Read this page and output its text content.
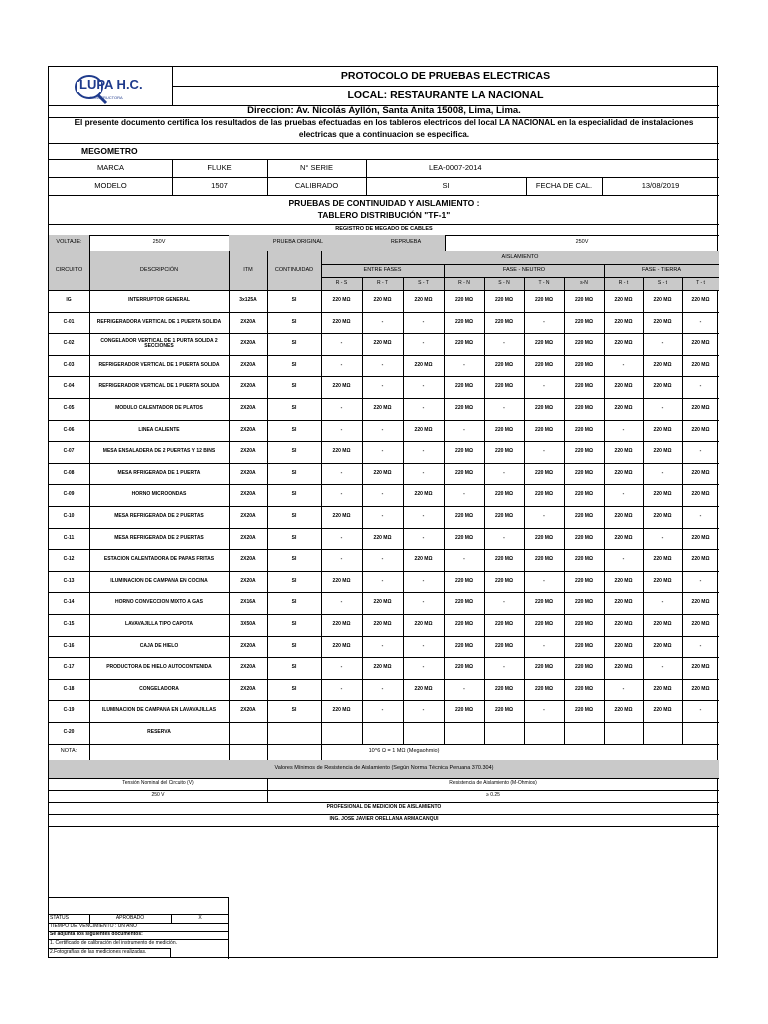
LUPA H.C.
CONSTRUCTORA
PROTOCOLO DE PRUEBAS ELECTRICAS
LOCAL: RESTAURANTE LA NACIONAL
Direccion: Av. Nicolás Ayllón, Santa Anita 15008, Lima, Lima.
El presente documento certifica los resultados de las pruebas efectuadas en los tableros electricos del local LA NACIONAL en la especialidad de instalaciones
electricas que a continuacion se especifica.
MEGOMETRO
MARCA	FLUKE	N° SERIE	LEA-0007-2014
MODELO	1507	CALIBRADO	SI	FECHA DE CAL.	13/08/2019
PRUEBAS DE CONTINUIDAD Y AISLAMIENTO :
TABLERO DISTRIBUCIÓN "TF-1"
REGISTRO DE MEGADO DE CABLES
VOLTAJE:	250V	PRUEBA ORIGINAL	REPRUEBA	250V
CIRCUITO	DESCRIPCIÓN	ITM	CONTINUIDAD
AISLAMIENTO
ENTRE FASES	FASE - NEUTRO	FASE - TIERRA
R - S	R - T	S - T	R - N	S - N	T - N	s-N	R - t	S - t	T - t
IG	INTERRUPTOR GENERAL	3x125A	SI	220 MΩ	220 MΩ	220 MΩ	220 MΩ	220 MΩ	220 MΩ	220 MΩ	220 MΩ	220 MΩ	220 MΩ
C-01	REFRIGERADORA VERTICAL DE 1 PUERTA SOLIDA	2X20A	SI	220 MΩ	-	-	220 MΩ	220 MΩ	-	220 MΩ	220 MΩ	220 MΩ	-
C-02	CONGELADOR VERTICAL DE 1 PURTA SOLIDA 2 SECCIONES	2X20A	SI	-	220 MΩ	-	220 MΩ	-	220 MΩ	220 MΩ	220 MΩ	-	220 MΩ
C-03	REFRIGERADOR VERTICAL DE 1 PUERTA SOLIDA	2X20A	SI	-	-	220 MΩ	-	220 MΩ	220 MΩ	220 MΩ	-	220 MΩ	220 MΩ
C-04	REFRIGERADOR VERTICAL DE 1 PUERTA SOLIDA	2X20A	SI	220 MΩ	-	-	220 MΩ	220 MΩ	-	220 MΩ	220 MΩ	220 MΩ	-
C-05	MODULO CALENTADOR DE PLATOS	2X20A	SI	-	220 MΩ	-	220 MΩ	-	220 MΩ	220 MΩ	220 MΩ	-	220 MΩ
C-06	LINEA CALIENTE	2X20A	SI	-	-	220 MΩ	-	220 MΩ	220 MΩ	220 MΩ	-	220 MΩ	220 MΩ
C-07	MESA ENSALADERA DE 2 PUERTAS Y 12 BINS	2X20A	SI	220 MΩ	-	-	220 MΩ	220 MΩ	-	220 MΩ	220 MΩ	220 MΩ	-
C-08	MESA RFRIGERADA DE 1 PUERTA	2X20A	SI	-	220 MΩ	-	220 MΩ	-	220 MΩ	220 MΩ	220 MΩ	-	220 MΩ
C-09	HORNO MICROONDAS	2X20A	SI	-	-	220 MΩ	-	220 MΩ	220 MΩ	220 MΩ	-	220 MΩ	220 MΩ
C-10	MESA REFRIGERADA DE 2 PUERTAS	2X20A	SI	220 MΩ	-	-	220 MΩ	220 MΩ	-	220 MΩ	220 MΩ	220 MΩ	-
C-11	MESA REFRIGERADA DE 2 PUERTAS	2X20A	SI	-	220 MΩ	-	220 MΩ	-	220 MΩ	220 MΩ	220 MΩ	-	220 MΩ
C-12	ESTACION CALENTADORA DE PAPAS FRITAS	2X20A	SI	-	-	220 MΩ	-	220 MΩ	220 MΩ	220 MΩ	-	220 MΩ	220 MΩ
C-13	ILUMINACION DE CAMPANA EN COCINA	2X20A	SI	220 MΩ	-	-	220 MΩ	220 MΩ	-	220 MΩ	220 MΩ	220 MΩ	-
C-14	HORNO CONVECCION MIXTO A GAS	2X16A	SI	-	220 MΩ	-	220 MΩ	-	220 MΩ	220 MΩ	220 MΩ	-	220 MΩ
C-15	LAVAVAJILLA TIPO CAPOTA	3X50A	SI	220 MΩ	220 MΩ	220 MΩ	220 MΩ	220 MΩ	220 MΩ	220 MΩ	220 MΩ	220 MΩ	220 MΩ
C-16	CAJA DE HIELO	2X20A	SI	220 MΩ	-	-	220 MΩ	220 MΩ	-	220 MΩ	220 MΩ	220 MΩ	-
C-17	PRODUCTORA DE HIELO AUTOCONTENIDA	2X20A	SI	-	220 MΩ	-	220 MΩ	-	220 MΩ	220 MΩ	220 MΩ	-	220 MΩ
C-18	CONGELADORA	2X20A	SI	-	-	220 MΩ	-	220 MΩ	220 MΩ	220 MΩ	-	220 MΩ	220 MΩ
C-19	ILUMINACION DE CAMPANA EN LAVAVAJILLAS	2X20A	SI	220 MΩ	-	-	220 MΩ	220 MΩ	-	220 MΩ	220 MΩ	220 MΩ	-
C-20	RESERVA
NOTA:	10^6 Ω = 1 MΩ (Megaohmio)
Valores Mínimos de Resistencia de Aislamiento (Según Norma Técnica Peruana 370.304)
Tensión Nominal del Circuito (V)	Resistencia de Aislamiento (M-Ohmios)
250 V	≥ 0.25
PROFESIONAL DE MEDICION DE AISLAMIENTO
ING. JOSE JAVIER ORELLANA ARMACANQUI
STATUS	APROBADO	X
TIEMPO DE VENCIMIENTO : UN AÑO
Se adjunta los siguientes documentos:
1. Certificado de calibración del instrumento de medición.
2.Fotografías de las mediciones realizadas.
